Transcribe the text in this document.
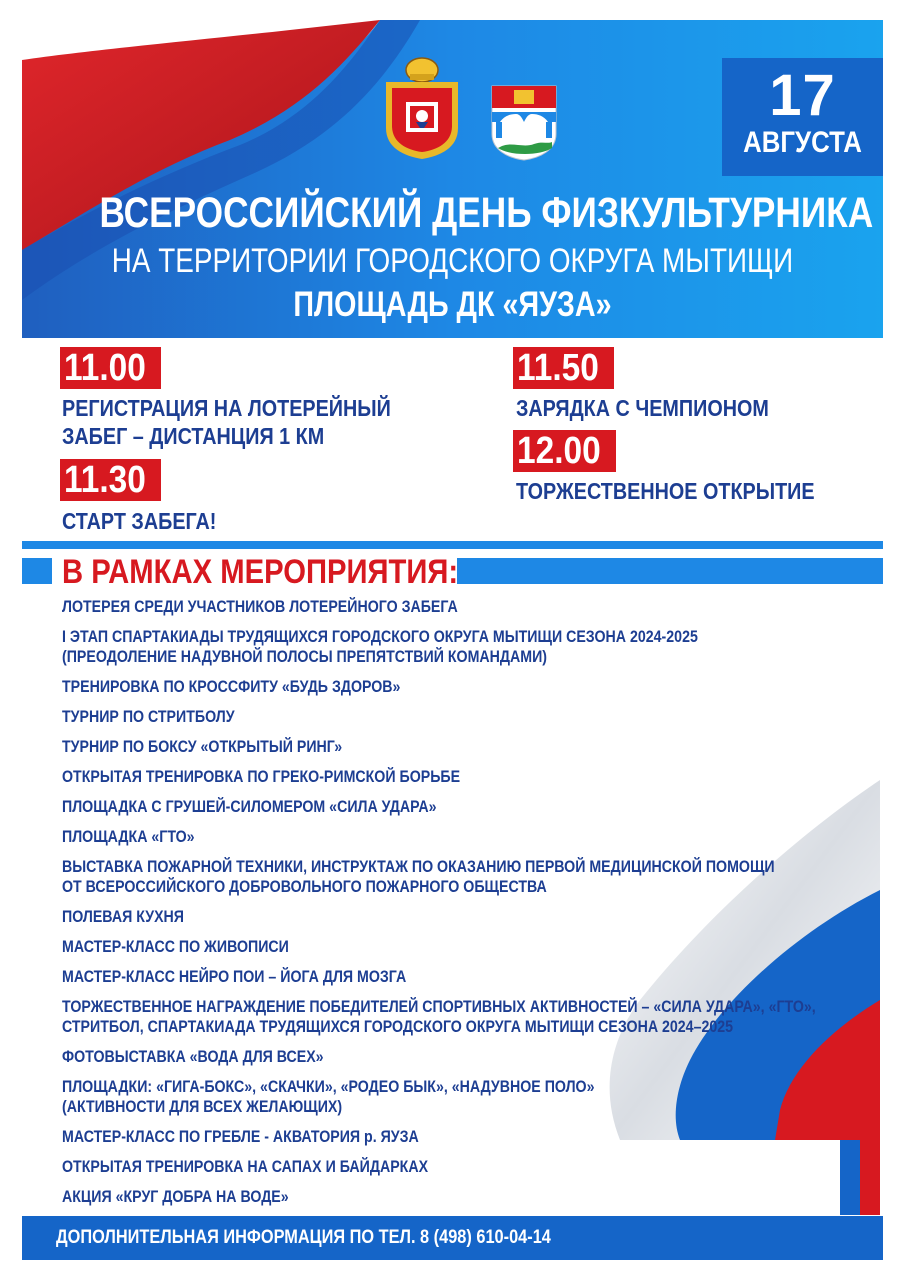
17
АВГУСТА
ВСЕРОССИЙСКИЙ ДЕНЬ ФИЗКУЛЬТУРНИКА
НА ТЕРРИТОРИИ ГОРОДСКОГО ОКРУГА МЫТИЩИ
ПЛОЩАДЬ ДК «ЯУЗА»
11.00
РЕГИСТРАЦИЯ НА ЛОТЕРЕЙНЫЙ
ЗАБЕГ – ДИСТАНЦИЯ 1 КМ
11.30
СТАРТ ЗАБЕГА!
11.50
ЗАРЯДКА С ЧЕМПИОНОМ
12.00
ТОРЖЕСТВЕННОЕ ОТКРЫТИЕ
В РАМКАХ МЕРОПРИЯТИЯ:
ЛОТЕРЕЯ СРЕДИ УЧАСТНИКОВ ЛОТЕРЕЙНОГО ЗАБЕГА
I ЭТАП СПАРТАКИАДЫ ТРУДЯЩИХСЯ ГОРОДСКОГО ОКРУГА МЫТИЩИ СЕЗОНА 2024-2025
(ПРЕОДОЛЕНИЕ НАДУВНОЙ ПОЛОСЫ ПРЕПЯТСТВИЙ КОМАНДАМИ)
ТРЕНИРОВКА ПО КРОССФИТУ «БУДЬ ЗДОРОВ»
ТУРНИР ПО СТРИТБОЛУ
ТУРНИР ПО БОКСУ «ОТКРЫТЫЙ РИНГ»
ОТКРЫТАЯ ТРЕНИРОВКА ПО ГРЕКО-РИМСКОЙ БОРЬБЕ
ПЛОЩАДКА С ГРУШЕЙ-СИЛОМЕРОМ «СИЛА УДАРА»
ПЛОЩАДКА «ГТО»
ВЫСТАВКА ПОЖАРНОЙ ТЕХНИКИ, ИНСТРУКТАЖ ПО ОКАЗАНИЮ ПЕРВОЙ МЕДИЦИНСКОЙ ПОМОЩИ
ОТ ВСЕРОССИЙСКОГО ДОБРОВОЛЬНОГО ПОЖАРНОГО ОБЩЕСТВА
ПОЛЕВАЯ КУХНЯ
МАСТЕР-КЛАСС ПО ЖИВОПИСИ
МАСТЕР-КЛАСС НЕЙРО ПОИ – ЙОГА ДЛЯ МОЗГА
ТОРЖЕСТВЕННОЕ НАГРАЖДЕНИЕ ПОБЕДИТЕЛЕЙ СПОРТИВНЫХ АКТИВНОСТЕЙ – «СИЛА УДАРА», «ГТО»,
СТРИТБОЛ, СПАРТАКИАДА ТРУДЯЩИХСЯ ГОРОДСКОГО ОКРУГА МЫТИЩИ СЕЗОНА 2024–2025
ФОТОВЫСТАВКА «ВОДА ДЛЯ ВСЕХ»
ПЛОЩАДКИ: «ГИГА-БОКС», «СКАЧКИ», «РОДЕО БЫК», «НАДУВНОЕ ПОЛО»
(АКТИВНОСТИ ДЛЯ ВСЕХ ЖЕЛАЮЩИХ)
МАСТЕР-КЛАСС ПО ГРЕБЛЕ - АКВАТОРИЯ р. ЯУЗА
ОТКРЫТАЯ ТРЕНИРОВКА НА САПАХ И БАЙДАРКАХ
АКЦИЯ «КРУГ ДОБРА НА ВОДЕ»
ДОПОЛНИТЕЛЬНАЯ ИНФОРМАЦИЯ ПО ТЕЛ. 8 (498) 610-04-14
